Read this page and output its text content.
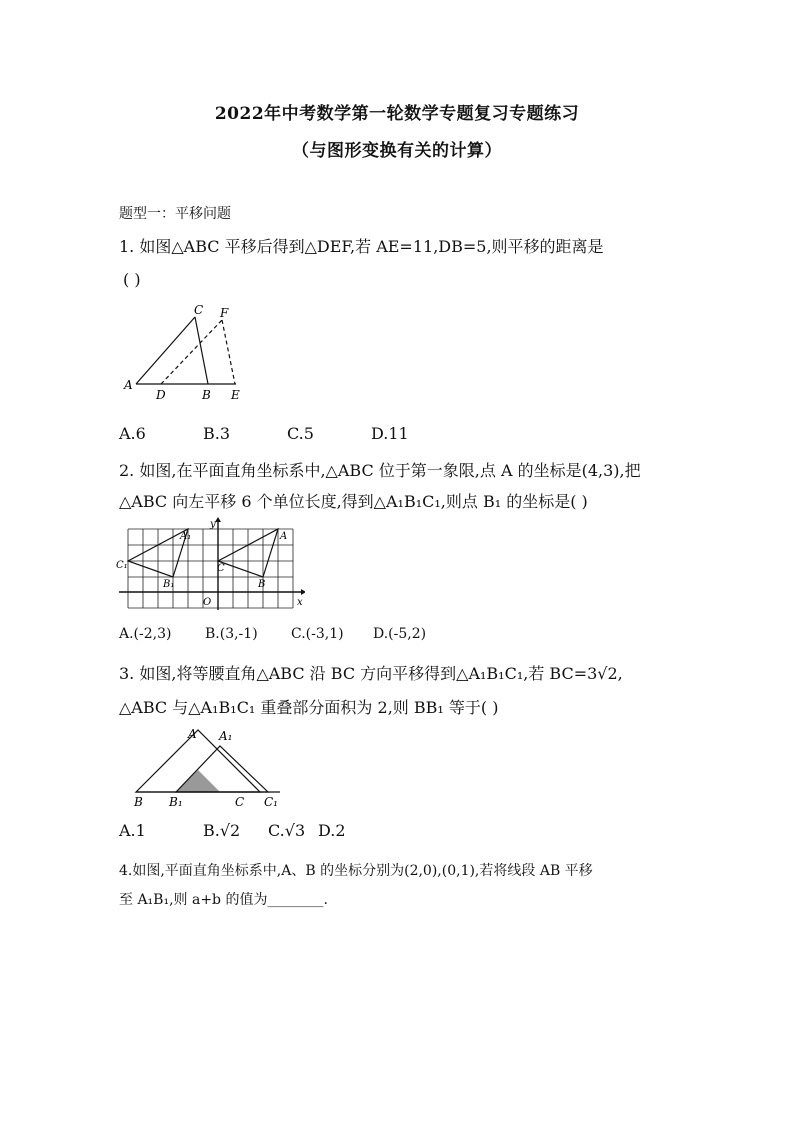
2022年中考数学第一轮数学专题复习专题练习
（与图形变换有关的计算）
题型一：平移问题
1. 如图△ABC 平移后得到△DEF,若 AE=11,DB=5,则平移的距离是
( )
A
D	B E
C F
A.6	B.3	C.5	D.11
2. 如图,在平面直角坐标系中,△ABC 位于第一象限,点 A 的坐标是(4,3),把
△ABC 向左平移 6 个单位长度,得到△A₁B₁C₁,则点 B₁ 的坐标是( )
y
x
O
A
B
C
A₁
B₁
C₁
A.(-2,3) B.(3,-1) C.(-3,1) D.(-5,2)
3. 如图,将等腰直角△ABC 沿 BC 方向平移得到△A₁B₁C₁,若 BC=3√2,
△ABC 与△A₁B₁C₁ 重叠部分面积为 2,则 BB₁ 等于( )
A A₁
B B₁	C C₁
A.1	B.√2 C.√3 D.2
4.如图,平面直角坐标系中,A、B 的坐标分别为(2,0),(0,1),若将线段 AB 平移
至 A₁B₁,则 a+b 的值为________.
